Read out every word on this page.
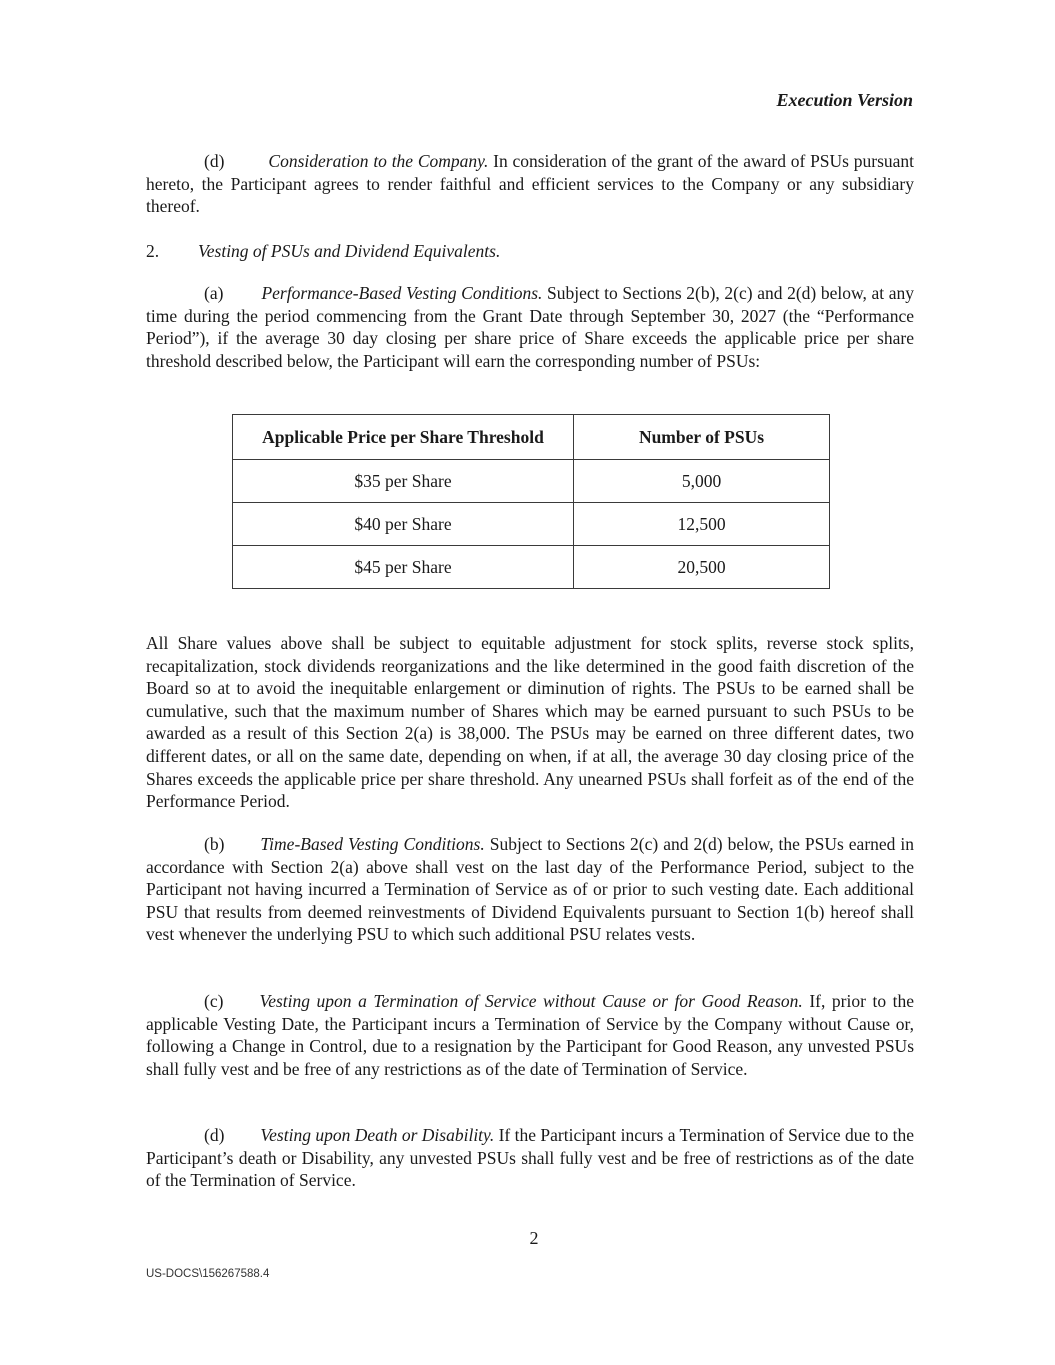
Execution Version
(d)	Consideration to the Company. In consideration of the grant of the award of PSUs pursuant hereto, the Participant agrees to render faithful and efficient services to the Company or any subsidiary thereof.
2. Vesting of PSUs and Dividend Equivalents.
(a) Performance-Based Vesting Conditions. Subject to Sections 2(b), 2(c) and 2(d) below, at any time during the period commencing from the Grant Date through September 30, 2027 (the “Performance Period”), if the average 30 day closing per share price of Share exceeds the applicable price per share threshold described below, the Participant will earn the corresponding number of PSUs:
Applicable Price per Share Threshold	Number of PSUs
$35 per Share	5,000
$40 per Share	12,500
$45 per Share	20,500
All Share values above shall be subject to equitable adjustment for stock splits, reverse stock splits, recapitalization, stock dividends reorganizations and the like determined in the good faith discretion of the Board so at to avoid the inequitable enlargement or diminution of rights. The PSUs to be earned shall be cumulative, such that the maximum number of Shares which may be earned pursuant to such PSUs to be awarded as a result of this Section 2(a) is 38,000. The PSUs may be earned on three different dates, two different dates, or all on the same date, depending on when, if at all, the average 30 day closing price of the Shares exceeds the applicable price per share threshold. Any unearned PSUs shall forfeit as of the end of the Performance Period.
(b) Time-Based Vesting Conditions. Subject to Sections 2(c) and 2(d) below, the PSUs earned in accordance with Section 2(a) above shall vest on the last day of the Performance Period, subject to the Participant not having incurred a Termination of Service as of or prior to such vesting date. Each additional PSU that results from deemed reinvestments of Dividend Equivalents pursuant to Section 1(b) hereof shall vest whenever the underlying PSU to which such additional PSU relates vests.
(c) Vesting upon a Termination of Service without Cause or for Good Reason. If, prior to the applicable Vesting Date, the Participant incurs a Termination of Service by the Company without Cause or, following a Change in Control, due to a resignation by the Participant for Good Reason, any unvested PSUs shall fully vest and be free of any restrictions as of the date of Termination of Service.
(d) Vesting upon Death or Disability. If the Participant incurs a Termination of Service due to the Participant’s death or Disability, any unvested PSUs shall fully vest and be free of restrictions as of the date of the Termination of Service.
2
US-DOCS\156267588.4
